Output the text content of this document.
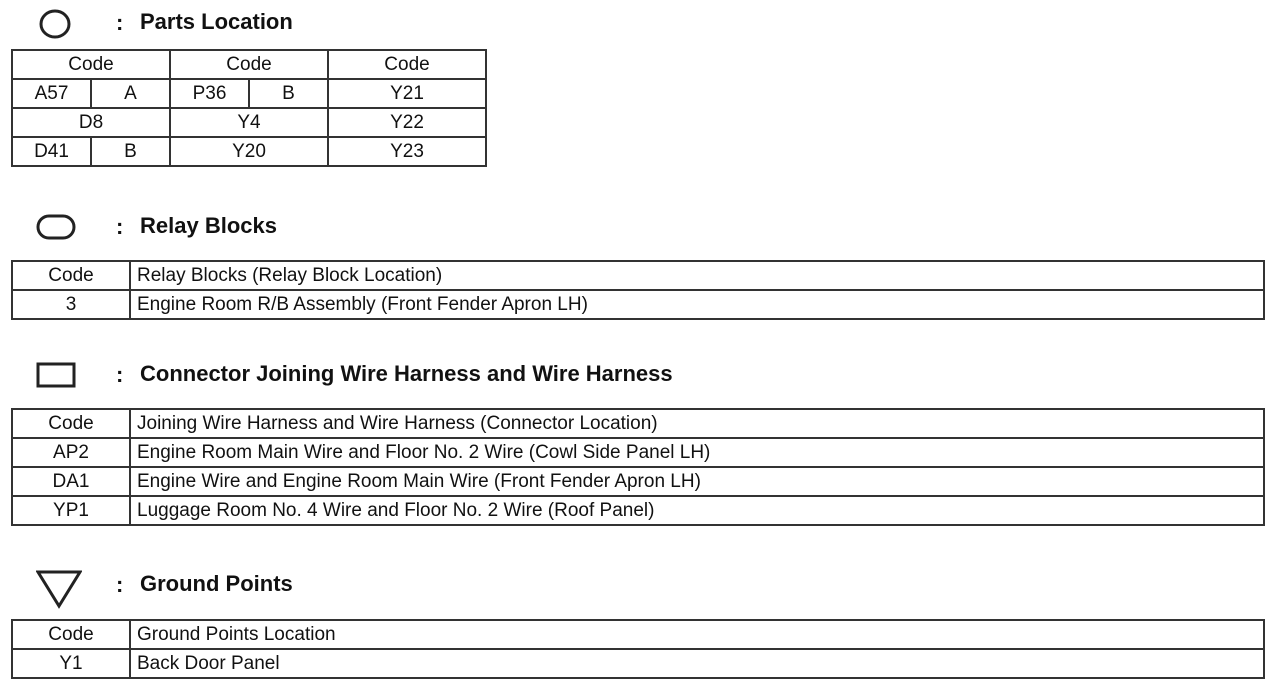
: Parts Location
Code		Code		Code
A57	A	P36	B	Y21
D8		Y4		Y22
D41	B	Y20		Y23
: Relay Blocks
Code	Relay Blocks (Relay Block Location)
3	Engine Room R/B Assembly (Front Fender Apron LH)
: Connector Joining Wire Harness and Wire Harness
Code	Joining Wire Harness and Wire Harness (Connector Location)
AP2	Engine Room Main Wire and Floor No. 2 Wire (Cowl Side Panel LH)
DA1	Engine Wire and Engine Room Main Wire (Front Fender Apron LH)
YP1	Luggage Room No. 4 Wire and Floor No. 2 Wire (Roof Panel)
: Ground Points
Code	Ground Points Location
Y1	Back Door Panel
